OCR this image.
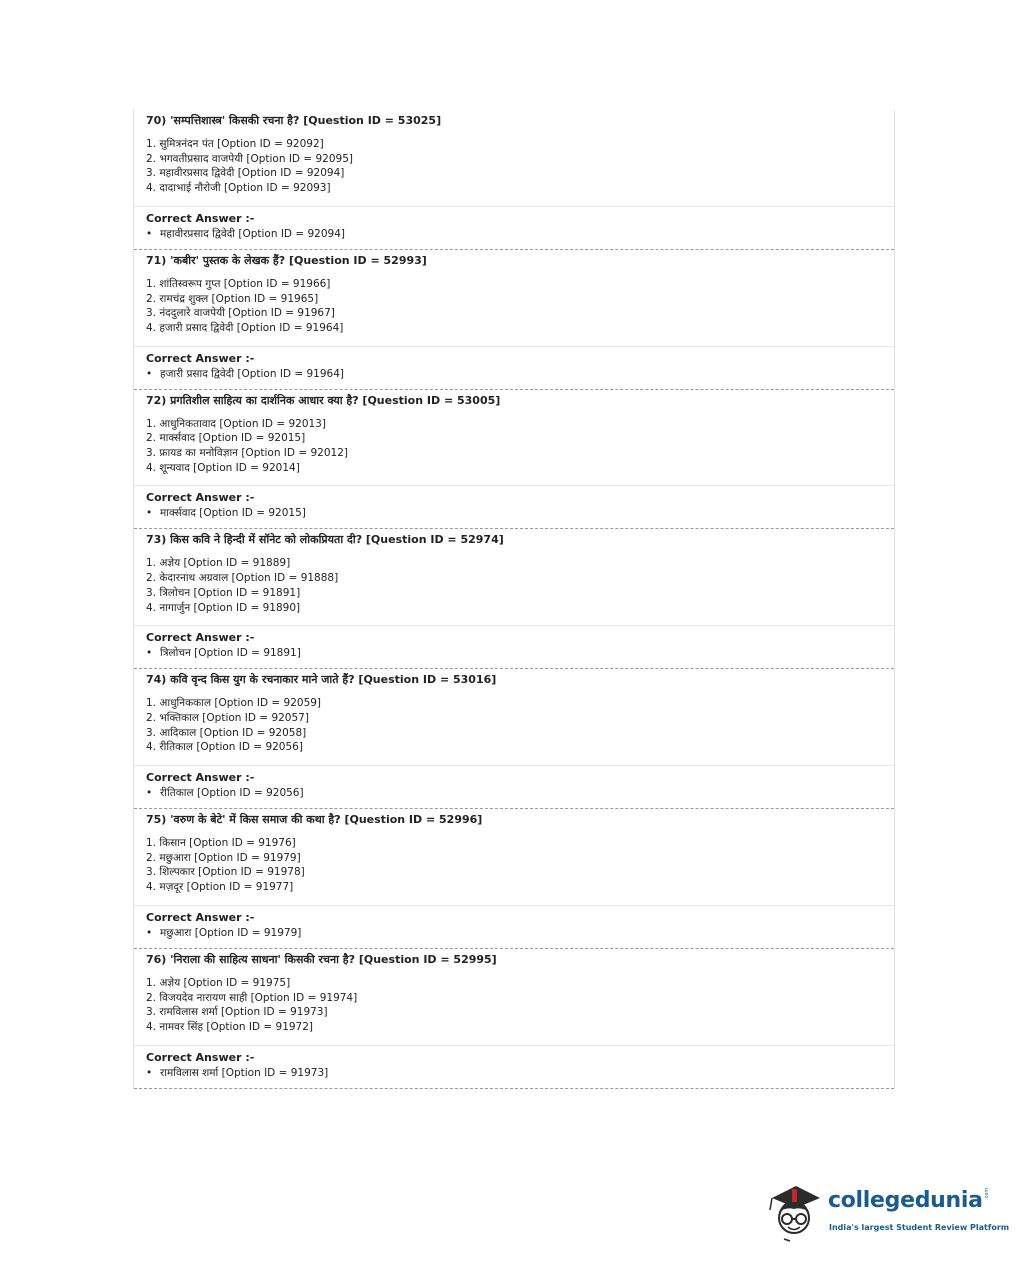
70) 'सम्पत्तिशास्त्र' किसकी रचना है? [Question ID = 53025]
1. सुमित्रनंदन पंत [Option ID = 92092]
2. भगवतीप्रसाद वाजपेयी [Option ID = 92095]
3. महावीरप्रसाद द्विवेदी [Option ID = 92094]
4. दादाभाई नौरोजी [Option ID = 92093]
Correct Answer :-
• महावीरप्रसाद द्विवेदी [Option ID = 92094]
71) 'कबीर' पुस्तक के लेखक हैं? [Question ID = 52993]
1. शांतिस्वरूप गुप्त [Option ID = 91966]
2. रामचंद्र शुक्ल [Option ID = 91965]
3. नंददुलारे वाजपेयी [Option ID = 91967]
4. हजारी प्रसाद द्विवेदी [Option ID = 91964]
Correct Answer :-
• हजारी प्रसाद द्विवेदी [Option ID = 91964]
72) प्रगतिशील साहित्य का दार्शनिक आधार क्या है? [Question ID = 53005]
1. आधुनिकतावाद [Option ID = 92013]
2. मार्क्सवाद [Option ID = 92015]
3. फ्रायड का मनोविज्ञान [Option ID = 92012]
4. शून्यवाद [Option ID = 92014]
Correct Answer :-
• मार्क्सवाद [Option ID = 92015]
73) किस कवि ने हिन्दी में सॉनेट को लोकप्रियता दी? [Question ID = 52974]
1. अज्ञेय [Option ID = 91889]
2. केदारनाथ अग्रवाल [Option ID = 91888]
3. त्रिलोचन [Option ID = 91891]
4. नागार्जुन [Option ID = 91890]
Correct Answer :-
• त्रिलोचन [Option ID = 91891]
74) कवि वृन्द किस युग के रचनाकार माने जाते हैं? [Question ID = 53016]
1. आधुनिककाल [Option ID = 92059]
2. भक्तिकाल [Option ID = 92057]
3. आदिकाल [Option ID = 92058]
4. रीतिकाल [Option ID = 92056]
Correct Answer :-
• रीतिकाल [Option ID = 92056]
75) 'वरुण के बेटे' में किस समाज की कथा है? [Question ID = 52996]
1. किसान [Option ID = 91976]
2. मछुआरा [Option ID = 91979]
3. शिल्पकार [Option ID = 91978]
4. मज़दूर [Option ID = 91977]
Correct Answer :-
• मछुआरा [Option ID = 91979]
76) 'निराला की साहित्य साधना' किसकी रचना है? [Question ID = 52995]
1. अज्ञेय [Option ID = 91975]
2. विजयदेव नारायण साही [Option ID = 91974]
3. रामविलास शर्मा [Option ID = 91973]
4. नामवर सिंह [Option ID = 91972]
Correct Answer :-
• रामविलास शर्मा [Option ID = 91973]
collegedunia .com
India's largest Student Review Platform
